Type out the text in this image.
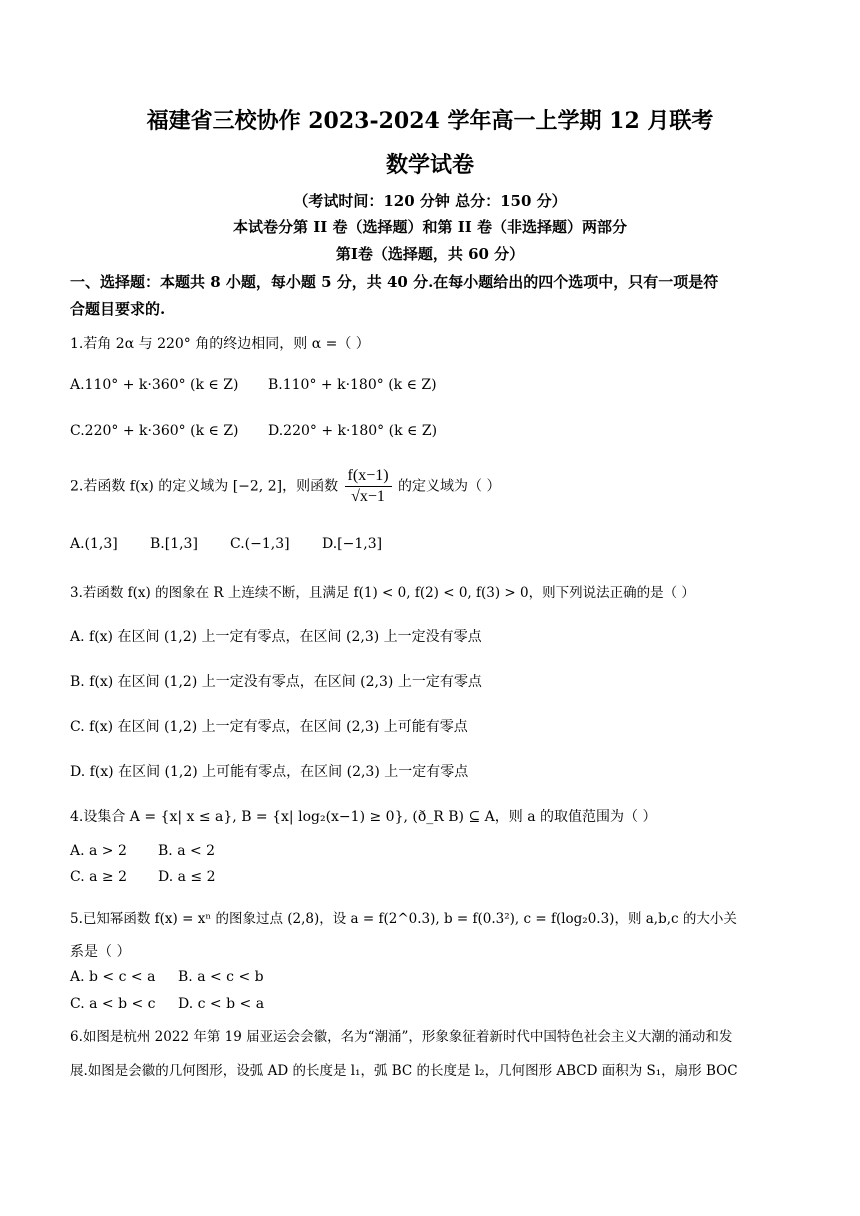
福建省三校协作 2023-2024 学年高一上学期 12 月联考
数学试卷
（考试时间：120 分钟 总分：150 分）
本试卷分第 II 卷（选择题）和第 II 卷（非选择题）两部分
第Ⅰ卷（选择题，共 60 分）
一、选择题：本题共 8 小题，每小题 5 分，共 40 分.在每小题给出的四个选项中，只有一项是符
合题目要求的.
1.若角 2α 与 220° 角的终边相同，则 α =（ ）
A.110° + k·360° (k ∈ Z) B.110° + k·180° (k ∈ Z)
C.220° + k·360° (k ∈ Z) D.220° + k·180° (k ∈ Z)
2.若函数 f(x) 的定义域为 [−2, 2]，则函数 $\frac{f(x-1)}{√x-1}$ 的定义域为（ ）
A.(1,3] B.[1,3] C.(−1,3] D.[−1,3]
3.若函数 f(x) 的图象在 R 上连续不断，且满足 f(1) < 0, f(2) < 0, f(3) > 0，则下列说法正确的是（ ）
A. f(x) 在区间 (1,2) 上一定有零点，在区间 (2,3) 上一定没有零点
B. f(x) 在区间 (1,2) 上一定没有零点，在区间 (2,3) 上一定有零点
C. f(x) 在区间 (1,2) 上一定有零点，在区间 (2,3) 上可能有零点
D. f(x) 在区间 (1,2) 上可能有零点，在区间 (2,3) 上一定有零点
4.设集合 A = {x| x ≤ a}, B = {x| log₂(x−1) ≥ 0}, (ð_R B) ⊆ A，则 a 的取值范围为（ ）
A. a > 2 B. a < 2
C. a ≥ 2 D. a ≤ 2
5.已知幂函数 f(x) = xⁿ 的图象过点 (2,8)，设 a = f(2^0.3), b = f(0.3²), c = f(log₂0.3)，则 a,b,c 的大小关
系是（ ）
A. b < c < a B. a < c < b
C. a < b < c D. c < b < a
6.如图是杭州 2022 年第 19 届亚运会会徽，名为“潮涌”，形象象征着新时代中国特色社会主义大潮的涌动和发
展.如图是会徽的几何图形，设弧 AD 的长度是 l₁，弧 BC 的长度是 l₂，几何图形 ABCD 面积为 S₁，扇形 BOC
